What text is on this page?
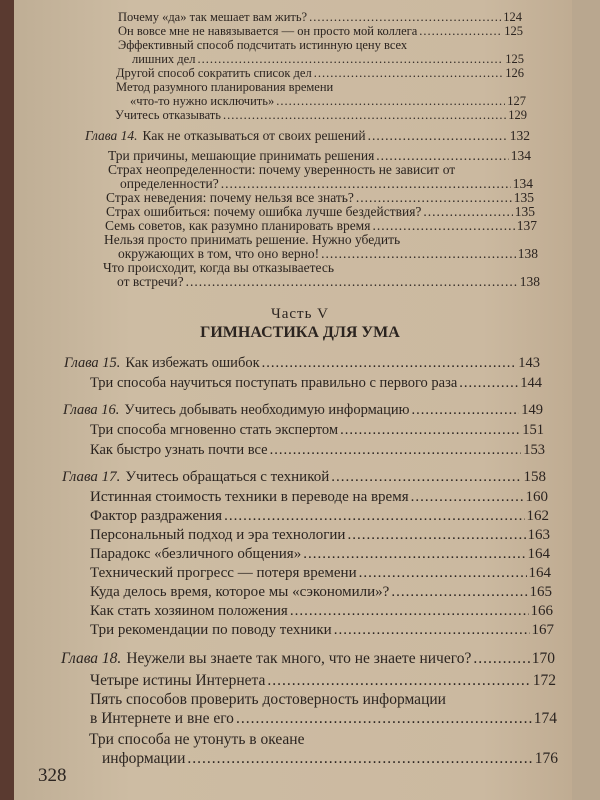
Почему «да» так мешает вам жить? .....	124
Он вовсе мне не навязывается — он просто мой коллега .....	125
Эффективный способ подсчитать истинную цену всех
лишних дел .....	125
Другой способ сократить список дел .....	126
Метод разумного планирования времени
«что-то нужно исключить» .....	127
Учитесь отказывать .....	129
Глава 14. Как не отказываться от своих решений .....	132
Три причины, мешающие принимать решения .....	134
Страх неопределенности: почему уверенность не зависит от
определенности? .....	134
Страх неведения: почему нельзя все знать? .....	135
Страх ошибиться: почему ошибка лучше бездействия? .....	135
Семь советов, как разумно планировать время .....	137
Нельзя просто принимать решение. Нужно убедить
окружающих в том, что оно верно! .....	138
Что происходит, когда вы отказываетесь
от встречи? .....	138
Глава 15. Как избежать ошибок .....	143
Три способа научиться поступать правильно с первого раза .....	144
Глава 16. Учитесь добывать необходимую информацию .....	149
Три способа мгновенно стать экспертом .....	151
Как быстро узнать почти все .....	153
Глава 17. Учитесь обращаться с техникой .....	158
Истинная стоимость техники в переводе на время .....	160
Фактор раздражения .....	162
Персональный подход и эра технологии .....	163
Парадокс «безличного общения» .....	164
Технический прогресс — потеря времени .....	164
Куда делось время, которое мы «сэкономили»? .....	165
Как стать хозяином положения .....	166
Три рекомендации по поводу техники .....	167
Глава 18. Неужели вы знаете так много, что не знаете ничего? .....	170
Четыре истины Интернета .....	172
Пять способов проверить достоверность информации
в Интернете и вне его .....	174
Три способа не утонуть в океане
информации .....	176
Часть V
ГИМНАСТИКА ДЛЯ УМА
328
